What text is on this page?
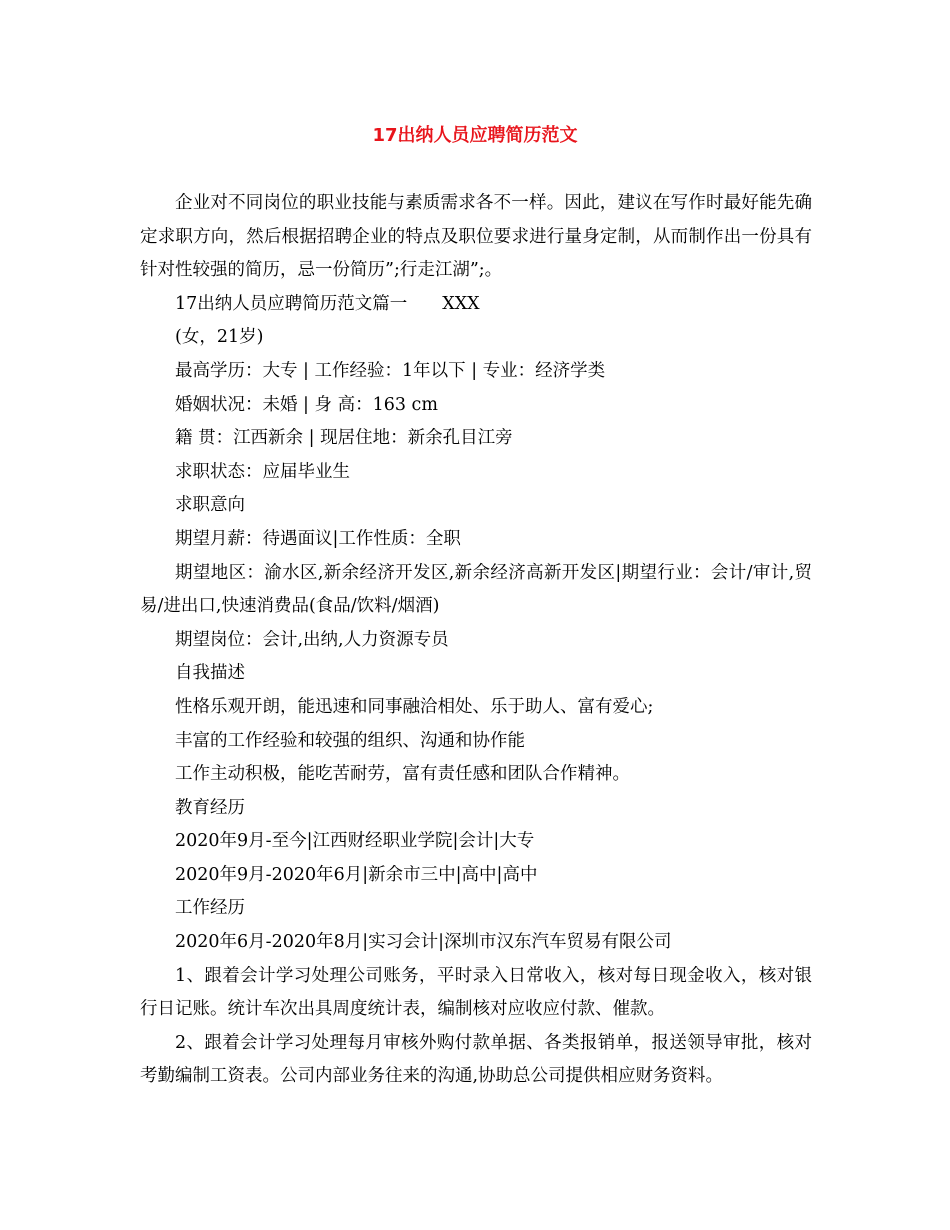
17出纳人员应聘简历范文

企业对不同岗位的职业技能与素质需求各不一样。因此，建议在写作时最好能先确定求职方向，然后根据招聘企业的特点及职位要求进行量身定制，从而制作出一份具有针对性较强的简历，忌一份简历”;行走江湖”;。

17出纳人员应聘简历范文篇一　　XXX

(女，21岁)

最高学历：大专 | 工作经验：1年以下 | 专业：经济学类

婚姻状况：未婚 | 身 高：163 cm

籍 贯：江西新余 | 现居住地：新余孔目江旁

求职状态：应届毕业生

求职意向

期望月薪：待遇面议|工作性质：全职

期望地区：渝水区,新余经济开发区,新余经济高新开发区|期望行业：会计/审计,贸易/进出口,快速消费品(食品/饮料/烟酒)

期望岗位：会计,出纳,人力资源专员

自我描述

性格乐观开朗，能迅速和同事融洽相处、乐于助人、富有爱心;

丰富的工作经验和较强的组织、沟通和协作能

工作主动积极，能吃苦耐劳，富有责任感和团队合作精神。

教育经历

2020年9月-至今|江西财经职业学院|会计|大专

2020年9月-2020年6月|新余市三中|高中|高中

工作经历

2020年6月-2020年8月|实习会计|深圳市汉东汽车贸易有限公司

1、跟着会计学习处理公司账务，平时录入日常收入，核对每日现金收入，核对银行日记账。统计车次出具周度统计表，编制核对应收应付款、催款。

2、跟着会计学习处理每月审核外购付款单据、各类报销单，报送领导审批，核对考勤编制工资表。公司内部业务往来的沟通,协助总公司提供相应财务资料。
